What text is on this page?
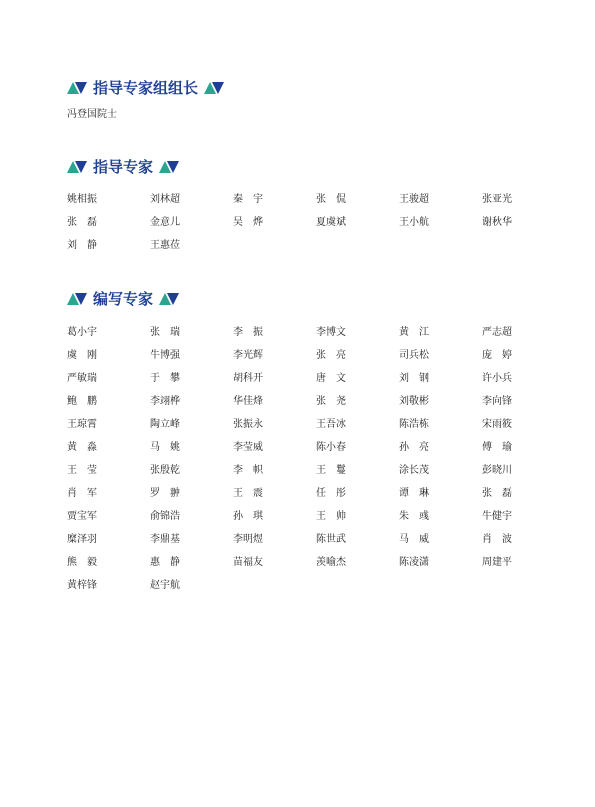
指导专家组组长
冯登国院士
指导专家
姚相振	刘林超	秦　宇	张　侃	王骏超	张亚光
张　磊	金意儿	吴　烨	夏虞斌	王小航	谢秋华
刘　静	王惠莅
编写专家
葛小宇	张　瑞	李　振	李博文	黄　江	严志超
虞　刚	牛博强	李光辉	张　亮	司兵松	庞　婷
严敏瑞	于　攀	胡科开	唐　文	刘　钢	许小兵
鲍　鹏	李翊桦	华佳烽	张　尧	刘敬彬	李向锋
王琼霄	陶立峰	张振永	王吾冰	陈浩栋	宋雨筱
黄　淼	马　姚	李莹威	陈小春	孙　亮	傅　瑜
王　莹	张殷乾	李　帜	王　鬘	涂长茂	彭晓川
肖　军	罗　翀	王　震	任　彤	谭　琳	张　磊
贾宝军	俞锦浩	孙　琪	王　帅	朱　彧	牛健宇
糜泽羽	李鼎基	李明煜	陈世武	马　威	肖　波
熊　毅	惠　静	苗福友	羡喻杰	陈凌潇	周建平
黄梓锋	赵宇航
